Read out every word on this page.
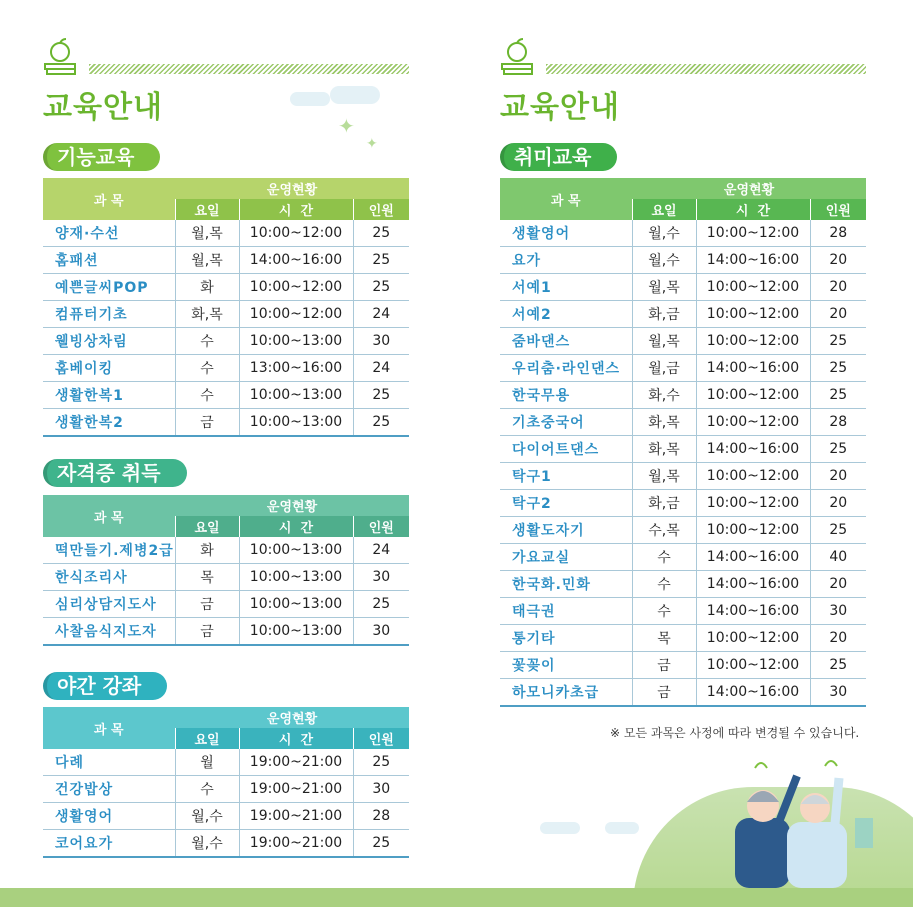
✦
✦
교육안내
기능교육
과 목	운영현황		
	요일	시  간	인원
양재·수선	월,목	10:00~12:00	25
홈패션	월,목	14:00~16:00	25
예쁜글씨POP	화	10:00~12:00	25
컴퓨터기초	화,목	10:00~12:00	24
웰빙상차림	수	10:00~13:00	30
홈베이킹	수	13:00~16:00	24
생활한복1	수	10:00~13:00	25
생활한복2	금	10:00~13:00	25
자격증 취득
과 목	운영현황		
	요일	시  간	인원
떡만들기.제병2급	화	10:00~13:00	24
한식조리사	목	10:00~13:00	30
심리상담지도사	금	10:00~13:00	25
사찰음식지도자	금	10:00~13:00	30
야간 강좌
과 목	운영현황		
	요일	시  간	인원
다례	월	19:00~21:00	25
건강밥상	수	19:00~21:00	30
생활영어	월,수	19:00~21:00	28
코어요가	월,수	19:00~21:00	25
교육안내
취미교육
과 목	운영현황		
	요일	시  간	인원
생활영어	월,수	10:00~12:00	28
요가	월,수	14:00~16:00	20
서예1	월,목	10:00~12:00	20
서예2	화,금	10:00~12:00	20
줌바댄스	월,목	10:00~12:00	25
우리춤·라인댄스	월,금	14:00~16:00	25
한국무용	화,수	10:00~12:00	25
기초중국어	화,목	10:00~12:00	28
다이어트댄스	화,목	14:00~16:00	25
탁구1	월,목	10:00~12:00	20
탁구2	화,금	10:00~12:00	20
생활도자기	수,목	10:00~12:00	25
가요교실	수	14:00~16:00	40
한국화.민화	수	14:00~16:00	20
태극권	수	14:00~16:00	30
통기타	목	10:00~12:00	20
꽃꽂이	금	10:00~12:00	25
하모니카초급	금	14:00~16:00	30
※ 모든 과목은 사정에 따라 변경될 수 있습니다.
